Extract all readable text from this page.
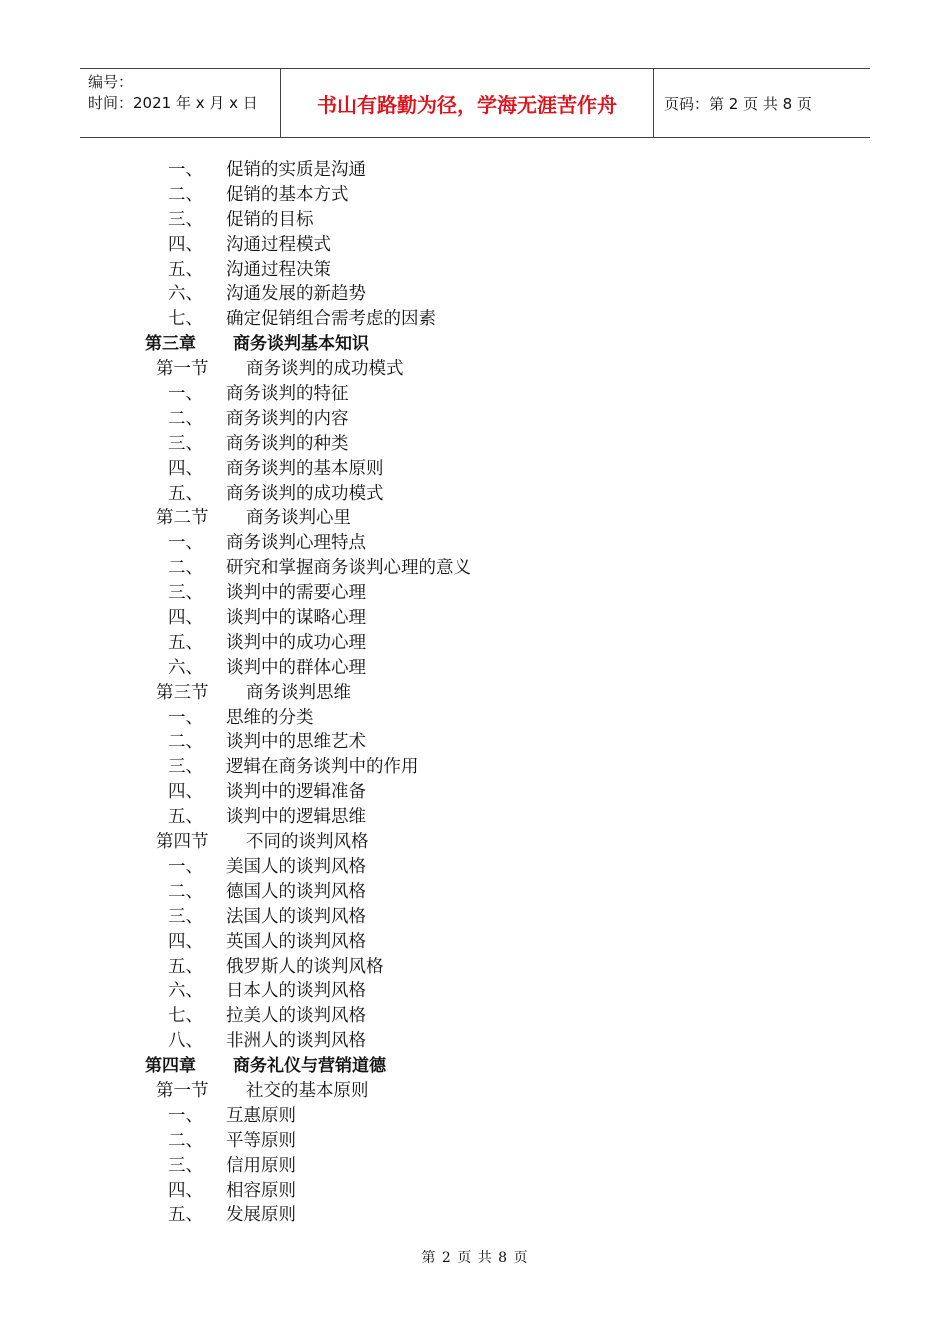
编号：
时间：2021 年 x 月 x 日	书山有路勤为径，学海无涯苦作舟	页码：第 2 页 共 8 页
一、 促销的实质是沟通
二、 促销的基本方式
三、 促销的目标
四、 沟通过程模式
五、 沟通过程决策
六、 沟通发展的新趋势
七、 确定促销组合需考虑的因素
第三章 商务谈判基本知识
第一节 商务谈判的成功模式
一、 商务谈判的特征
二、 商务谈判的内容
三、 商务谈判的种类
四、 商务谈判的基本原则
五、 商务谈判的成功模式
第二节 商务谈判心里
一、 商务谈判心理特点
二、 研究和掌握商务谈判心理的意义
三、 谈判中的需要心理
四、 谈判中的谋略心理
五、 谈判中的成功心理
六、 谈判中的群体心理
第三节 商务谈判思维
一、 思维的分类
二、 谈判中的思维艺术
三、 逻辑在商务谈判中的作用
四、 谈判中的逻辑准备
五、 谈判中的逻辑思维
第四节 不同的谈判风格
一、 美国人的谈判风格
二、 德国人的谈判风格
三、 法国人的谈判风格
四、 英国人的谈判风格
五、 俄罗斯人的谈判风格
六、 日本人的谈判风格
七、 拉美人的谈判风格
八、 非洲人的谈判风格
第四章 商务礼仪与营销道德
第一节 社交的基本原则
一、 互惠原则
二、 平等原则
三、 信用原则
四、 相容原则
五、 发展原则
第 2 页 共 8 页
